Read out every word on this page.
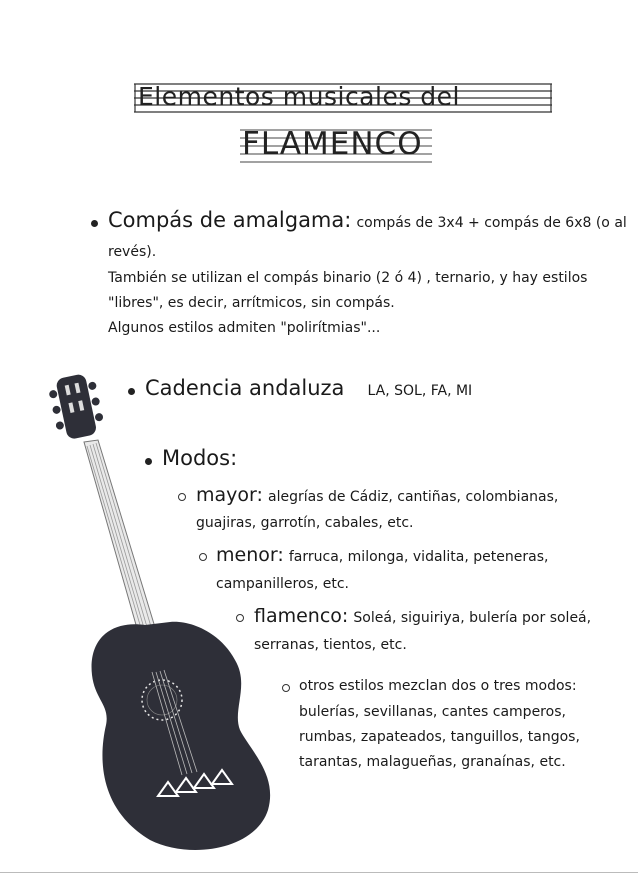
Elementos musicales del
FLAMENCO
Compás de amalgama: compás de 3x4 + compás de 6x8 (o al
revés).
También se utilizan el compás binario (2 ó 4) , ternario, y hay estilos
"libres", es decir, arrítmicos, sin compás.
Algunos estilos admiten "polirítmias"...
Cadencia andaluza LA, SOL, FA, MI
Modos:
mayor: alegrías de Cádiz, cantiñas, colombianas,
guajiras, garrotín, cabales, etc.
menor: farruca, milonga, vidalita, peteneras,
campanilleros, etc.
flamenco: Soleá, siguiriya, bulería por soleá,
serranas, tientos, etc.
otros estilos mezclan dos o tres modos:
bulerías, sevillanas, cantes camperos,
rumbas, zapateados, tanguillos, tangos,
tarantas, malagueñas, granaínas, etc.
